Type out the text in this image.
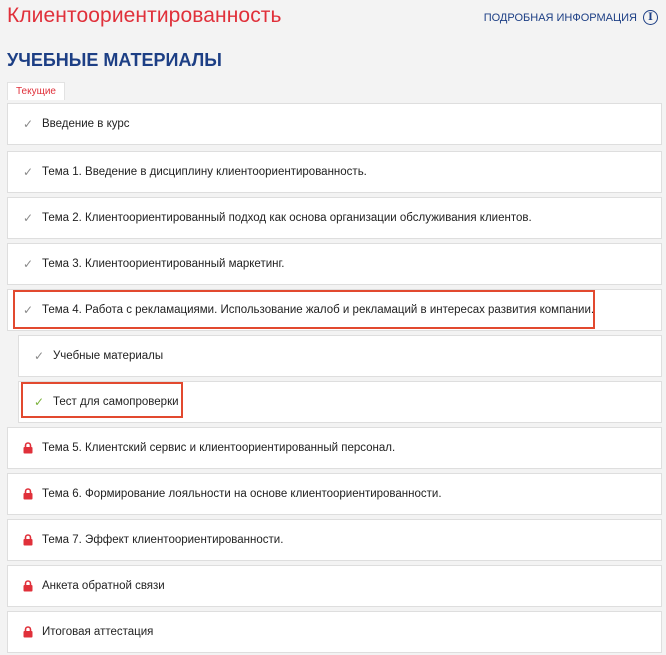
Клиентоориентированность	ПОДРОБНАЯ ИНФОРМАЦИЯ	I
УЧЕБНЫЕ МАТЕРИАЛЫ
Текущие
✓ Введение в курс
✓ Тема 1. Введение в дисциплину клиентоориентированность.
✓ Тема 2. Клиентоориентированный подход как основа организации обслуживания клиентов.
✓ Тема 3. Клиентоориентированный маркетинг.
✓ Тема 4. Работа с рекламациями. Использование жалоб и рекламаций в интересах развития компании.
✓ Учебные материалы
✓ Тест для самопроверки
Тема 5. Клиентский сервис и клиентоориентированный персонал.
Тема 6. Формирование лояльности на основе клиентоориентированности.
Тема 7. Эффект клиентоориентированности.
Анкета обратной связи
Итоговая аттестация
